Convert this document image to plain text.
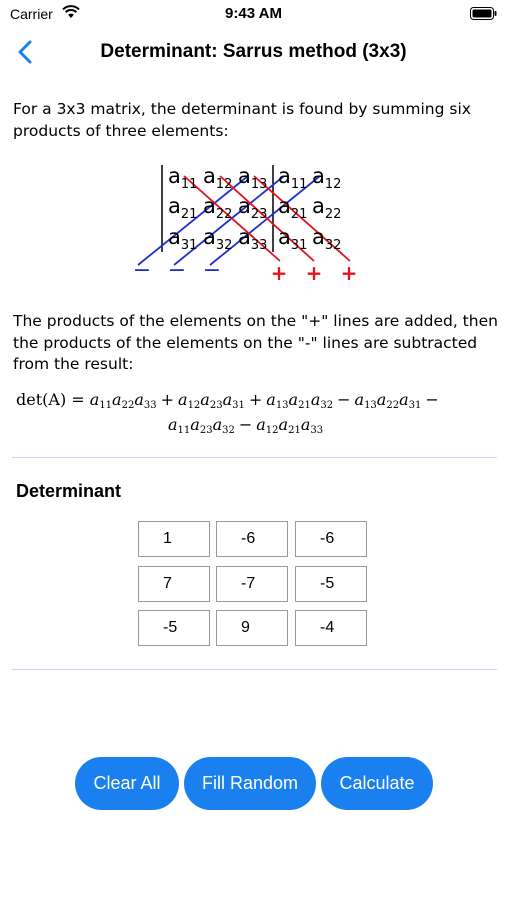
Carrier	9:43 AM
Determinant: Sarrus method (3x3)
For a 3x3 matrix, the determinant is found by summing six products of three elements:
$a_{11}$ $a_{12}$ $a_{13}$ $a_{11}$ $a_{12}$
$a_{21}$ $a_{22}$ $a_{23}$ $a_{21}$ $a_{22}$
$a_{31}$ $a_{32}$ $a_{33}$ $a_{31}$ $a_{32}$
− − − + + +
The products of the elements on the "+" lines are added, then the products of the elements on the "-" lines are subtracted from the result:
$\det(A) = a_{11}a_{22}a_{33} + a_{12}a_{23}a_{31} + a_{13}a_{21}a_{32} - a_{13}a_{22}a_{31}$ −
$a_{11}a_{23}a_{32} - a_{12}a_{21}a_{33}$
Determinant
1	-6	-6
7	-7	-5
-5	9	-4
Clear All	Fill Random	Calculate
